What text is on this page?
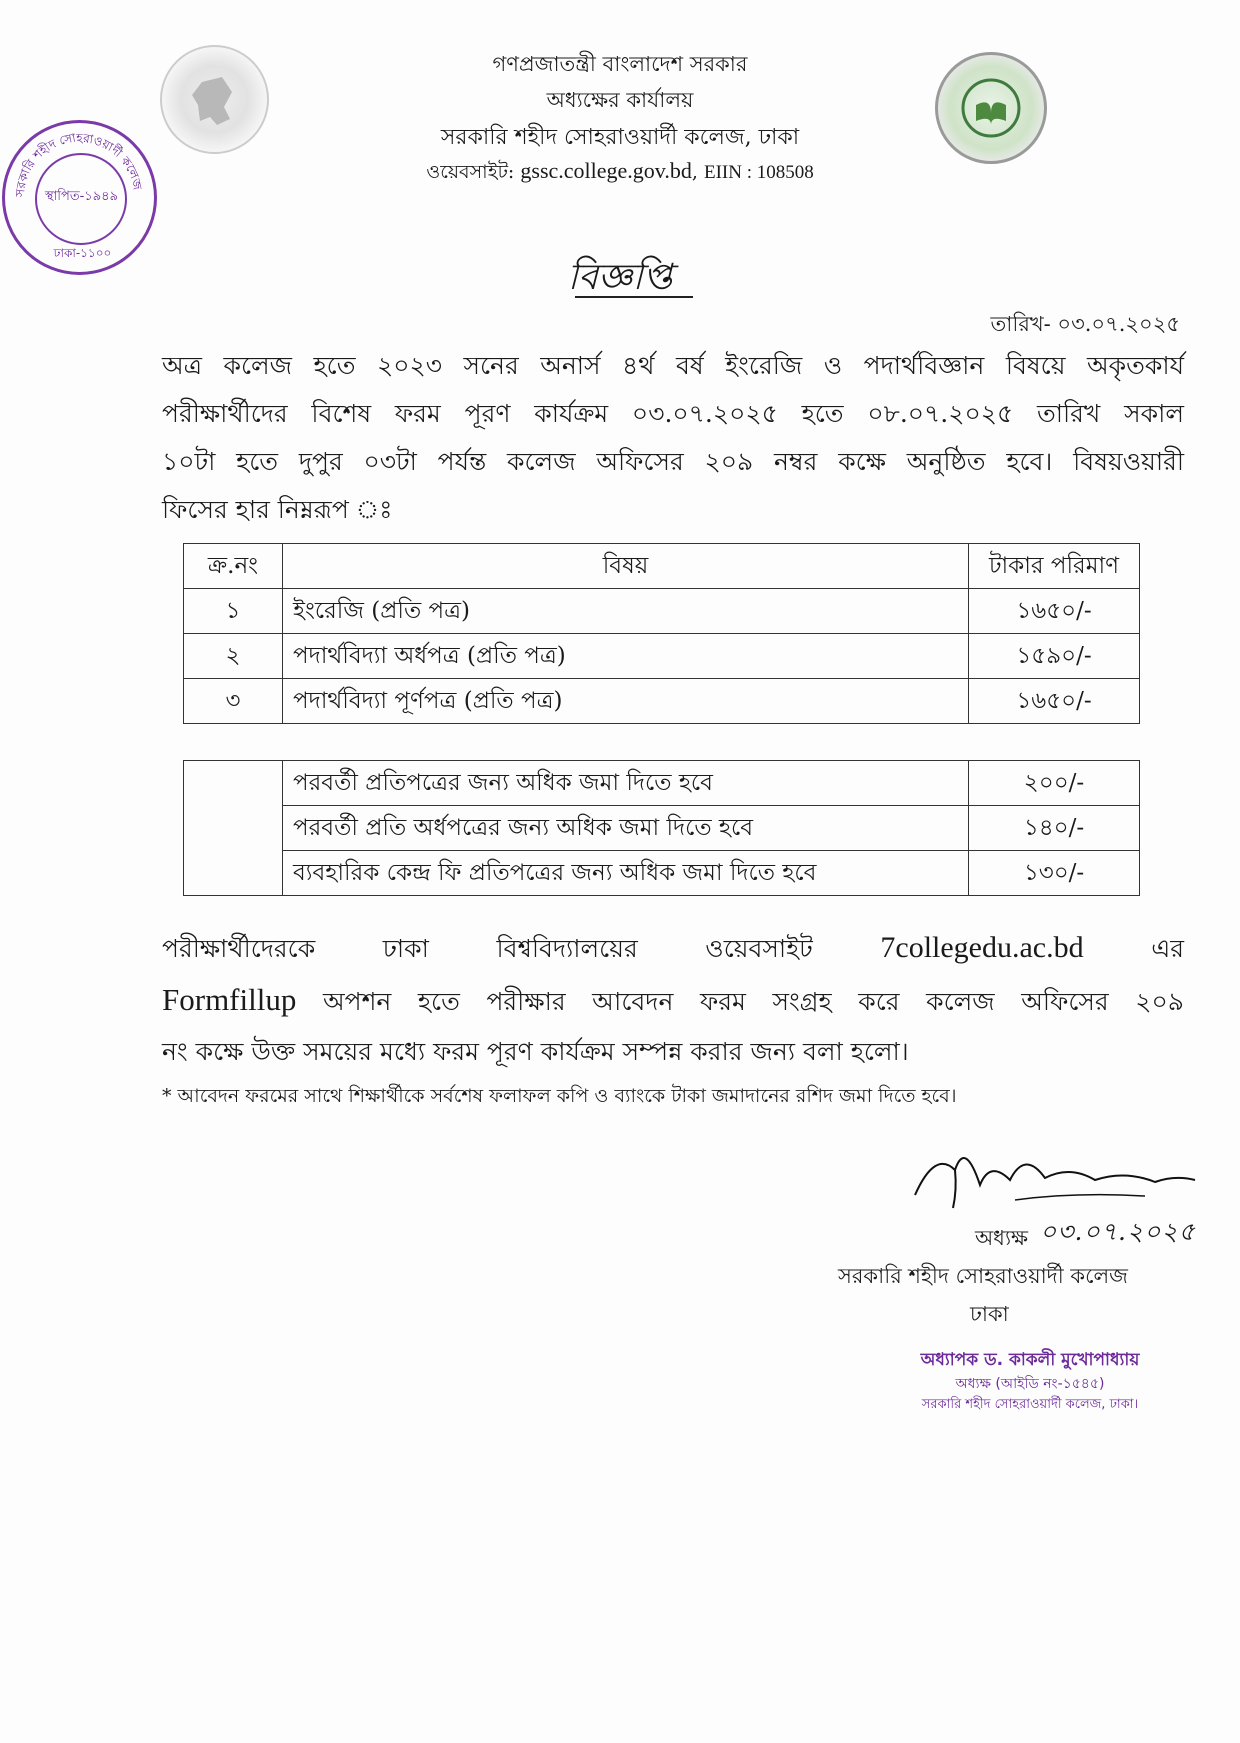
সরকারি শহীদ সোহরাওয়ার্দী কলেজ
স্থাপিত-১৯৪৯
ঢাকা-১১০০
গণপ্রজাতন্ত্রী বাংলাদেশ সরকার
অধ্যক্ষের কার্যালয়
সরকারি শহীদ সোহরাওয়ার্দী কলেজ, ঢাকা
ওয়েবসাইট: gssc.college.gov.bd, EIIN : 108508
বিজ্ঞপ্তি
তারিখ- ০৩.০৭.২০২৫
অত্র কলেজ হতে ২০২৩ সনের অনার্স ৪র্থ বর্ষ ইংরেজি ও পদার্থবিজ্ঞান বিষয়ে অকৃতকার্য
পরীক্ষার্থীদের বিশেষ ফরম পূরণ কার্যক্রম ০৩.০৭.২০২৫ হতে ০৮.০৭.২০২৫ তারিখ সকাল
১০টা হতে দুপুর ০৩টা পর্যন্ত কলেজ অফিসের ২০৯ নম্বর কক্ষে অনুষ্ঠিত হবে। বিষয়ওয়ারী
ফিসের হার নিম্নরূপ ঃ
ক্র.নং	বিষয়	টাকার পরিমাণ
১	ইংরেজি (প্রতি পত্র)	১৬৫০/-
২	পদার্থবিদ্যা অর্ধপত্র (প্রতি পত্র)	১৫৯০/-
৩	পদার্থবিদ্যা পূর্ণপত্র (প্রতি পত্র)	১৬৫০/-
	পরবর্তী প্রতিপত্রের জন্য অধিক জমা দিতে হবে	২০০/-
	পরবর্তী প্রতি অর্ধপত্রের জন্য অধিক জমা দিতে হবে	১৪০/-
	ব্যবহারিক কেন্দ্র ফি প্রতিপত্রের জন্য অধিক জমা দিতে হবে	১৩০/-
পরীক্ষার্থীদেরকে ঢাকা বিশ্ববিদ্যালয়ের ওয়েবসাইট 7collegedu.ac.bd	এর
Formfillup অপশন হতে পরীক্ষার আবেদন ফরম সংগ্রহ করে কলেজ অফিসের ২০৯
নং কক্ষে উক্ত সময়ের মধ্যে ফরম পূরণ কার্যক্রম সম্পন্ন করার জন্য বলা হলো।
* আবেদন ফরমের সাথে শিক্ষার্থীকে সর্বশেষ ফলাফল কপি ও ব্যাংকে টাকা জমাদানের রশিদ জমা দিতে হবে।
অধ্যক্ষ ০৩.০৭.২০২৫
সরকারি শহীদ সোহরাওয়ার্দী কলেজ
ঢাকা
অধ্যাপক ড. কাকলী মুখোপাধ্যায়
অধ্যক্ষ (আইডি নং-১৫৪৫)
সরকারি শহীদ সোহরাওয়ার্দী কলেজ, ঢাকা।
